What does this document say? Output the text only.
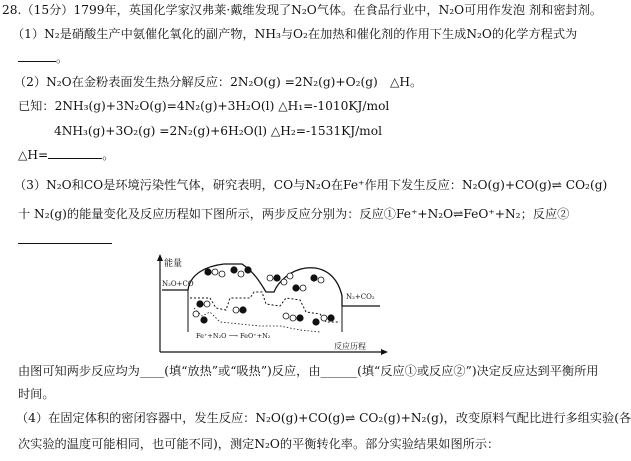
28.（15分）1799年，英国化学家汉弗莱·戴维发现了N₂O气体。在食品行业中，N₂O可用作发泡 剂和密封剂。
（1）N₂是硝酸生产中氨催化氧化的副产物，NH₃与O₂在加热和催化剂的作用下生成N₂O的化学方程式为
。
（2）N₂O在金粉表面发生热分解反应：2N₂O(g) =2N₂(g)+O₂(g)　△H。
已知：2NH₃(g)+3N₂O(g)=4N₂(g)+3H₂O(l) △H₁=-1010KJ/mol
4NH₃(g)+3O₂(g) =2N₂(g)+6H₂O(l) △H₂=-1531KJ/mol
△H=	。
（3）N₂O和CO是环境污染性气体，研究表明，CO与N₂O在Fe⁺作用下发生反应：N₂O(g)+CO(g)⇌ CO₂(g)
十 N₂(g)的能量变化及反应历程如下图所示，两步反应分别为：反应①Fe⁺+N₂O⇌FeO⁺+N₂；反应②
能量
反应历程
N₂O+CO
N₂+CO₂
Fe⁺+N₂O ⟶ FeO⁺+N₂
由图可知两步反应均为____(填“放热”或“吸热”)反应，由______(填“反应①或反应②”)决定反应达到平衡所用
时间。
（4）在固定体积的密闭容器中，发生反应：N₂O(g)+CO(g)⇌ CO₂(g)+N₂(g)，改变原料气配比进行多组实验(各
次实验的温度可能相同，也可能不同)，测定N₂O的平衡转化率。部分实验结果如图所示：
